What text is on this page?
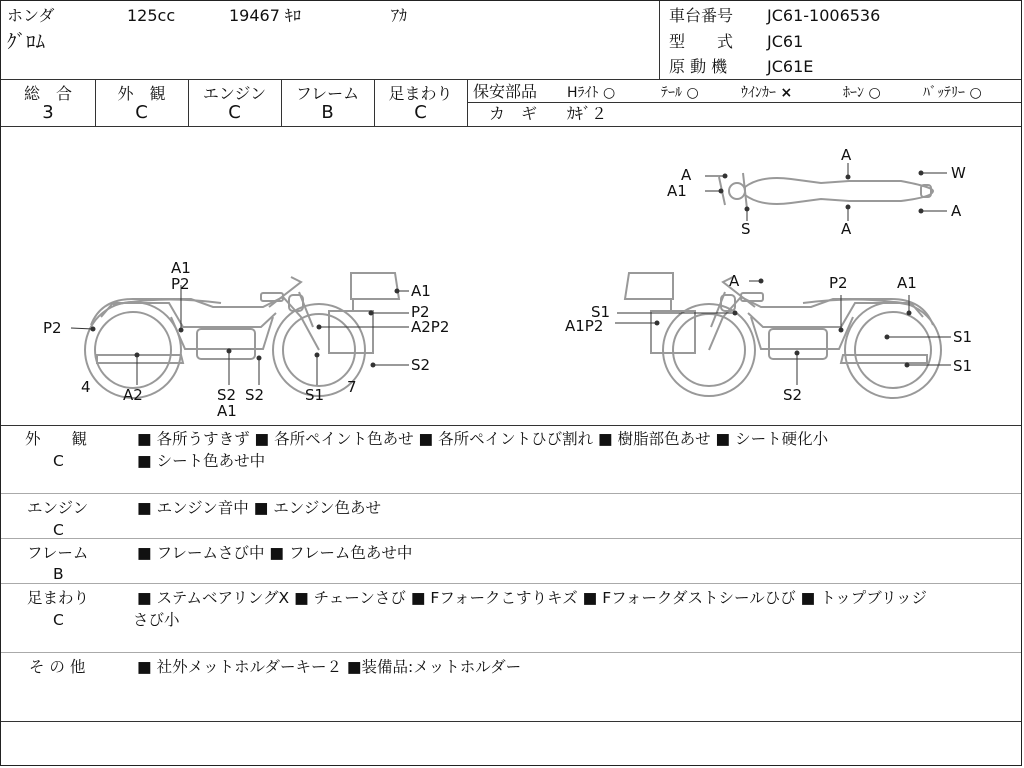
ホンダ	125cc	19467 ｷﾛ	ｱｶ
ｸﾞﾛﾑ
車台番号 JC61-1006536
型　　式 JC61
原 動 機 JC61E
総　合	外　観	エンジン	フレーム	足まわり
3	C	C	B	C
保安部品 Hﾗｲﾄ ○	ﾃｰﾙ ○	ｳｲﾝｶｰ ×	ﾎｰﾝ ○	ﾊﾞｯﾃﾘｰ ○
カ　ギ ｶｷﾞ２
A1
P2
P2
4 A2	S2
A1
S2	S1 7
S2
A2P2
P2
A1
A
S1
A1P2
P2	A1
S1
S1
S2
A
A1
S
A
A
W
A
外　　観
C
■ 各所うすきず ■ 各所ペイント色あせ ■ 各所ペイントひび割れ ■ 樹脂部色あせ ■ シート硬化小
■ シート色あせ中
エンジン
C
■ エンジン音中 ■ エンジン色あせ
フレーム
B
■ フレームさび中 ■ フレーム色あせ中
足まわり
C
■ ステムベアリングX ■ チェーンさび ■ Fフォークこすりキズ ■ Fフォークダストシールひび ■ トップブリッジ
さび小
そ の 他	■ 社外メットホルダーキー２ ■装備品:メットホルダー
